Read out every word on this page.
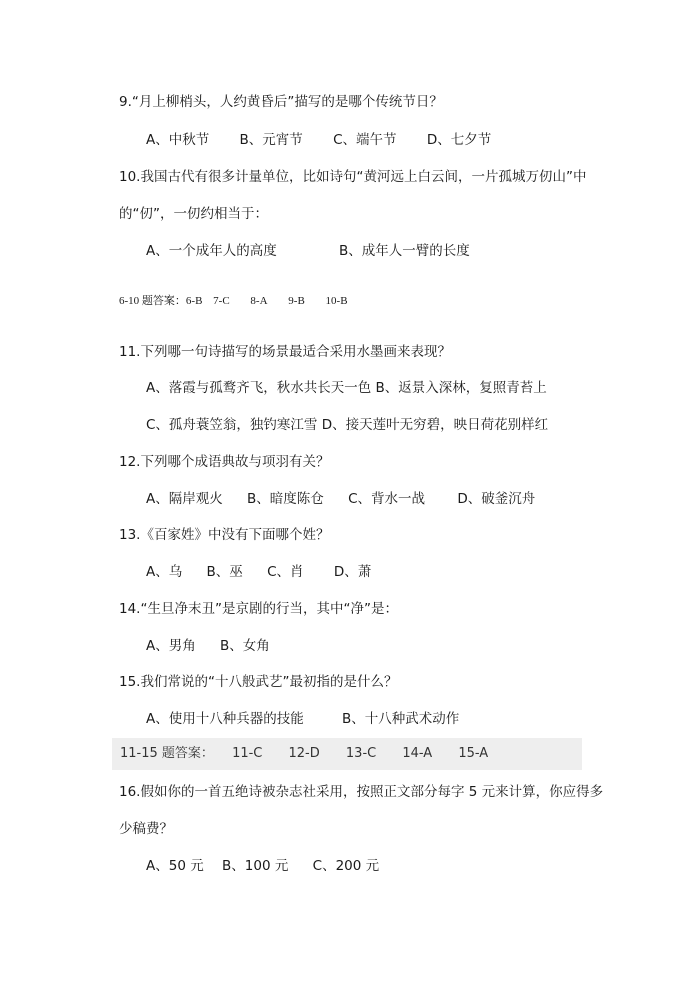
9.“月上柳梢头，人约黄昏后”描写的是哪个传统节日？
A、中秋节 B、元宵节 C、端午节 D、七夕节
10.我国古代有很多计量单位，比如诗句“黄河远上白云间，一片孤城万仞山”中
的“仞”，一仞约相当于：
A、一个成年人的高度	B、成年人一臂的长度
6-10 题答案：6-B 7-C 8-A 9-B 10-B
11.下列哪一句诗描写的场景最适合采用水墨画来表现？
A、落霞与孤鹜齐飞，秋水共长天一色 B、返景入深林，复照青苔上
C、孤舟蓑笠翁，独钓寒江雪 D、接天莲叶无穷碧，映日荷花别样红
12.下列哪个成语典故与项羽有关？
A、隔岸观火 B、暗度陈仓 C、背水一战 D、破釜沉舟
13.《百家姓》中没有下面哪个姓？
A、乌 B、巫 C、肖 D、萧
14.“生旦净末丑”是京剧的行当，其中“净”是：
A、男角 B、女角
15.我们常说的“十八般武艺”最初指的是什么？
A、使用十八种兵器的技能	B、十八种武术动作
11-15 题答案： 11-C 12-D 13-C 14-A 15-A
16.假如你的一首五绝诗被杂志社采用，按照正文部分每字 5 元来计算，你应得多
少稿费？
A、50 元 B、100 元 C、200 元
